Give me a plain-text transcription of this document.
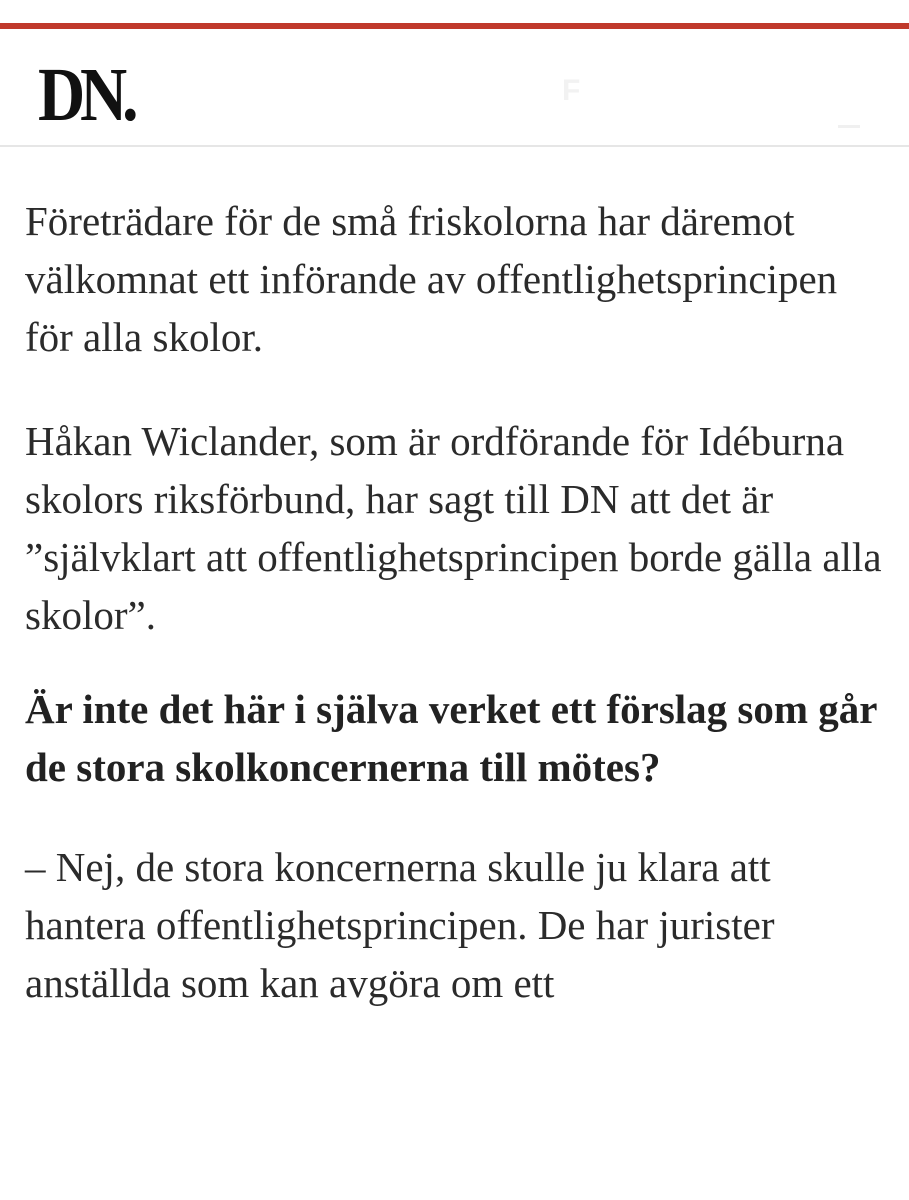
DN.	F

Företrädare för de små friskolorna har däremot välkomnat ett införande av offentlighetsprincipen för alla skolor.

Håkan Wiclander, som är ordförande för Idéburna skolors riksförbund, har sagt till DN att det är ”självklart att offentlighetsprincipen borde gälla alla skolor”.

Är inte det här i själva verket ett förslag som går de stora skolkoncernerna till mötes?

– Nej, de stora koncernerna skulle ju klara att hantera offentlighetsprincipen. De har jurister anställda som kan avgöra om ett
